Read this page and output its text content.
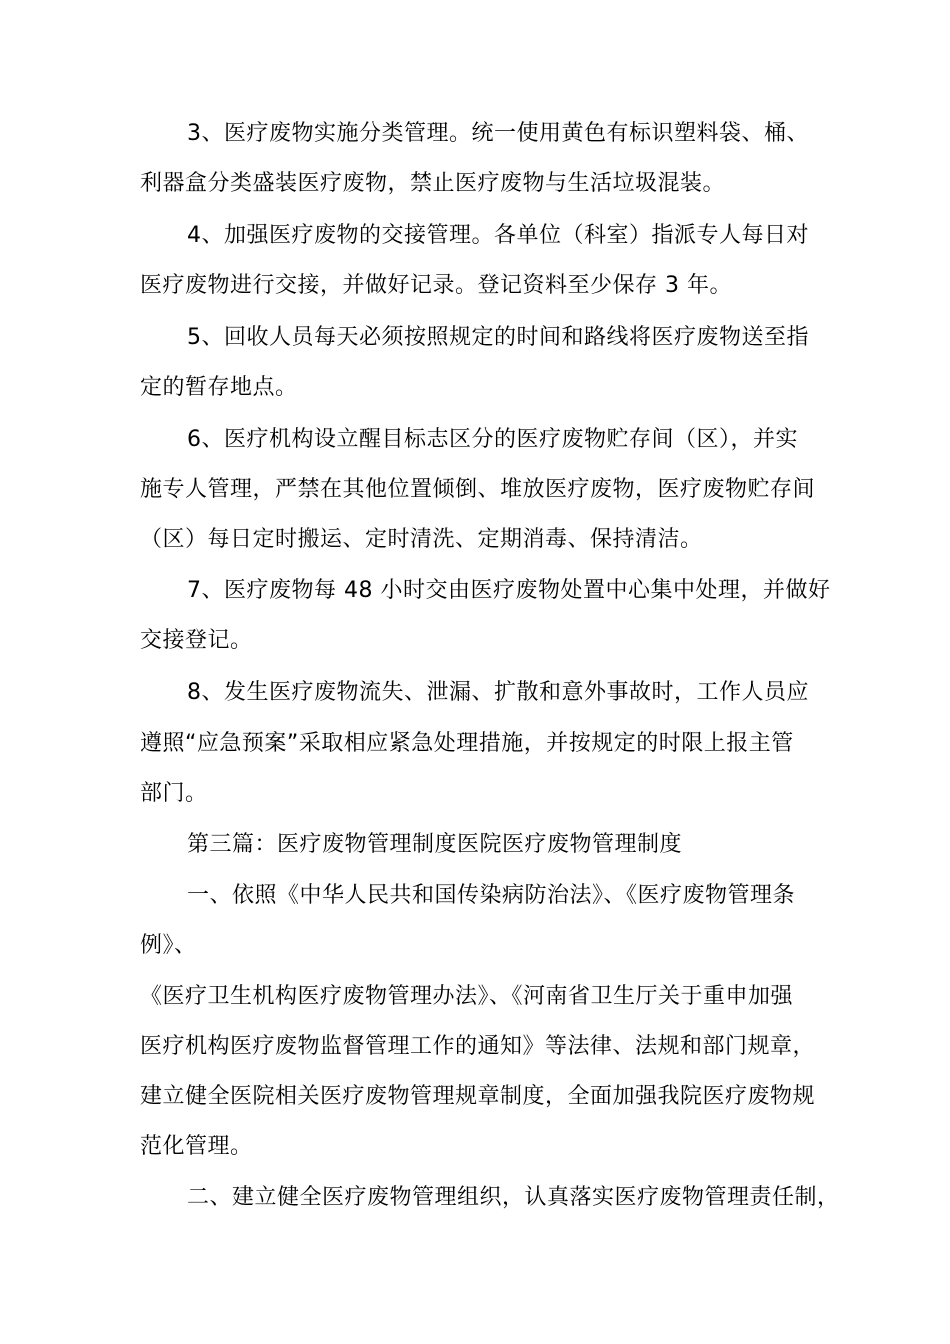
3、医疗废物实施分类管理。统一使用黄色有标识塑料袋、桶、
利器盒分类盛装医疗废物，禁止医疗废物与生活垃圾混装。
4、加强医疗废物的交接管理。各单位（科室）指派专人每日对
医疗废物进行交接，并做好记录。登记资料至少保存 3 年。
5、回收人员每天必须按照规定的时间和路线将医疗废物送至指
定的暂存地点。
6、医疗机构设立醒目标志区分的医疗废物贮存间（区），并实
施专人管理，严禁在其他位置倾倒、堆放医疗废物，医疗废物贮存间
（区）每日定时搬运、定时清洗、定期消毒、保持清洁。
7、医疗废物每 48 小时交由医疗废物处置中心集中处理，并做好
交接登记。
8、发生医疗废物流失、泄漏、扩散和意外事故时，工作人员应
遵照“应急预案”采取相应紧急处理措施，并按规定的时限上报主管
部门。
第三篇：医疗废物管理制度医院医疗废物管理制度
一、依照《中华人民共和国传染病防治法》、《医疗废物管理条
例》、
《医疗卫生机构医疗废物管理办法》、《河南省卫生厅关于重申加强
医疗机构医疗废物监督管理工作的通知》等法律、法规和部门规章，
建立健全医院相关医疗废物管理规章制度，全面加强我院医疗废物规
范化管理。
二、建立健全医疗废物管理组织，认真落实医疗废物管理责任制，
